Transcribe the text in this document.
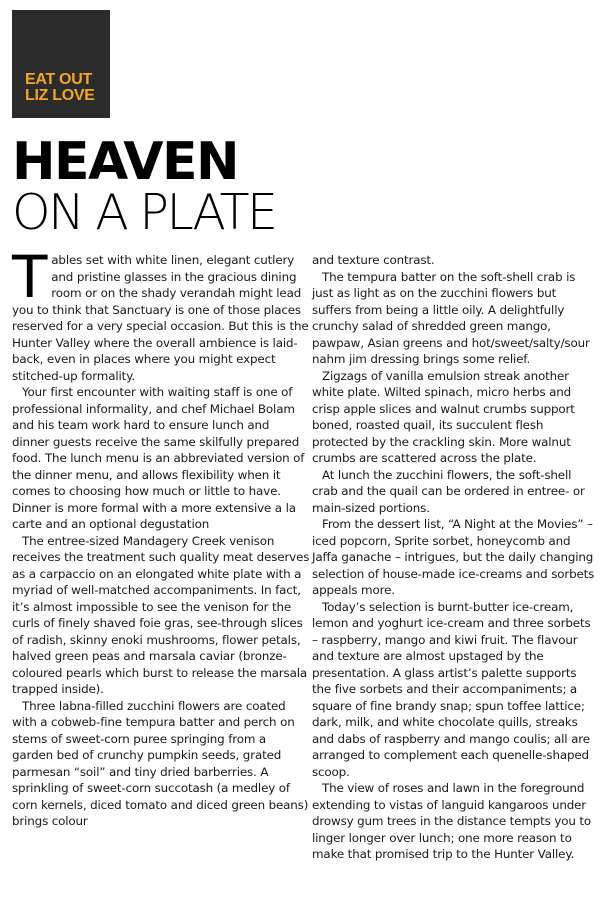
EAT OUT
LIZ LOVE
HEAVEN
ON A PLATE

Tables set with white linen, elegant cutlery and pristine glasses in the gracious dining room or on the shady verandah might lead you to think that Sanctuary is one of those places reserved for a very special occasion. But this is the Hunter Valley where the overall ambience is laid-back, even in places where you might expect stitched-up formality.

Your first encounter with waiting staff is one of professional informality, and chef Michael Bolam and his team work hard to ensure lunch and dinner guests receive the same skilfully prepared food. The lunch menu is an abbreviated version of the dinner menu, and allows flexibility when it comes to choosing how much or little to have. Dinner is more formal with a more extensive a la carte and an optional degustation

The entree-sized Mandagery Creek venison receives the treatment such quality meat deserves as a carpaccio on an elongated white plate with a myriad of well-matched accompaniments. In fact, it’s almost impossible to see the venison for the curls of finely shaved foie gras, see-through slices of radish, skinny enoki mushrooms, flower petals, halved green peas and marsala caviar (bronze-coloured pearls which burst to release the marsala trapped inside).

Three labna-filled zucchini flowers are coated with a cobweb-fine tempura batter and perch on stems of sweet-corn puree springing from a garden bed of crunchy pumpkin seeds, grated parmesan “soil” and tiny dried barberries. A sprinkling of sweet-corn succotash (a medley of corn kernels, diced tomato and diced green beans) brings colour

and texture contrast.

The tempura batter on the soft-shell crab is just as light as on the zucchini flowers but suffers from being a little oily. A delightfully crunchy salad of shredded green mango, pawpaw, Asian greens and hot/sweet/salty/sour nahm jim dressing brings some relief.

Zigzags of vanilla emulsion streak another white plate. Wilted spinach, micro herbs and crisp apple slices and walnut crumbs support boned, roasted quail, its succulent flesh protected by the crackling skin. More walnut crumbs are scattered across the plate.

At lunch the zucchini flowers, the soft-shell crab and the quail can be ordered in entree- or main-sized portions.

From the dessert list, “A Night at the Movies” – iced popcorn, Sprite sorbet, honeycomb and Jaffa ganache – intrigues, but the daily changing selection of house-made ice-creams and sorbets appeals more.

Today’s selection is burnt-butter ice-cream, lemon and yoghurt ice-cream and three sorbets – raspberry, mango and kiwi fruit. The flavour and texture are almost upstaged by the presentation. A glass artist’s palette supports the five sorbets and their accompaniments; a square of fine brandy snap; spun toffee lattice; dark, milk, and white chocolate quills, streaks and dabs of raspberry and mango coulis; all are arranged to complement each quenelle-shaped scoop.

The view of roses and lawn in the foreground extending to vistas of languid kangaroos under drowsy gum trees in the distance tempts you to linger longer over lunch; one more reason to make that promised trip to the Hunter Valley.
